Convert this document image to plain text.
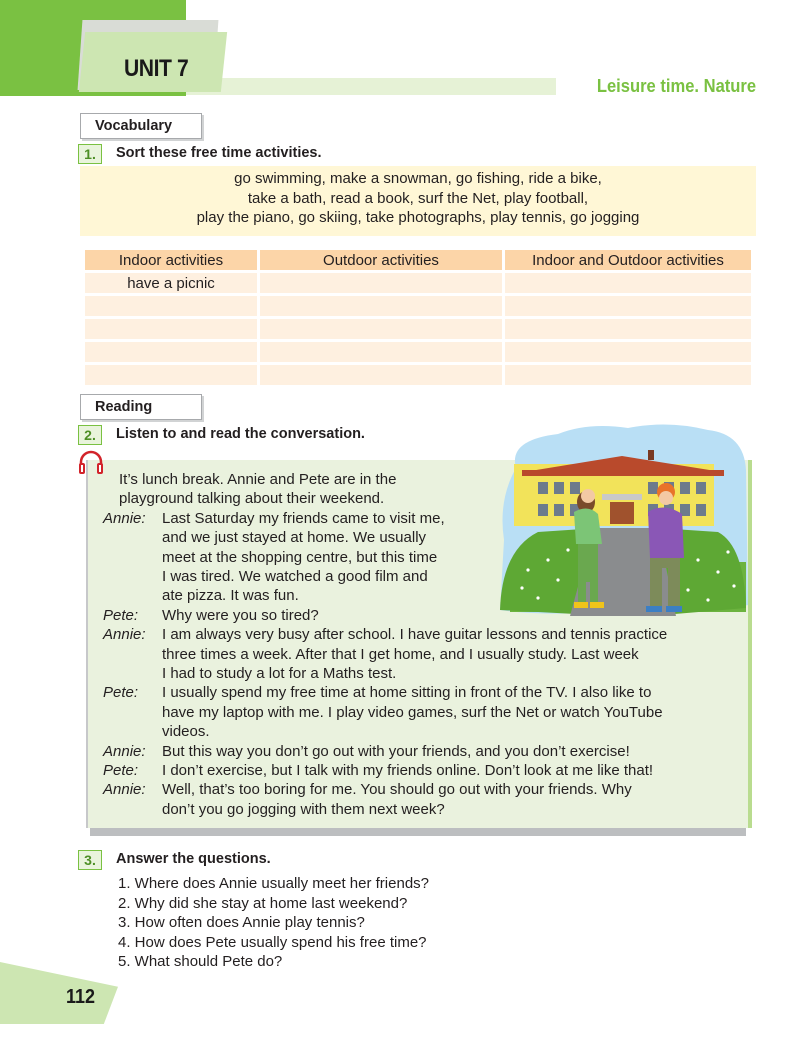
UNIT 7
Leisure time. Nature
Vocabulary
1.	Sort these free time activities.
go swimming, make a snowman, go fishing, ride a bike,
take a bath, read a book, surf the Net, play football,
play the piano, go skiing, take photographs, play tennis, go jogging
Indoor activities	Outdoor activities	Indoor and Outdoor activities
have a picnic		

Reading
2.	Listen to and read the conversation.
It’s lunch break. Annie and Pete are in the
playground talking about their weekend.
Annie: Last Saturday my friends came to visit me,
and we just stayed at home. We usually
meet at the shopping centre, but this time
I was tired. We watched a good film and
ate pizza. It was fun.
Pete: Why were you so tired?
Annie: I am always very busy after school. I have guitar lessons and tennis practice
three times a week. After that I get home, and I usually study. Last week
I had to study a lot for a Maths test.
Pete: I usually spend my free time at home sitting in front of the TV. I also like to
have my laptop with me. I play video games, surf the Net or watch YouTube
videos.
Annie: But this way you don’t go out with your friends, and you don’t exercise!
Pete: I don’t exercise, but I talk with my friends online. Don’t look at me like that!
Annie: Well, that’s too boring for me. You should go out with your friends. Why
don’t you go jogging with them next week?
3.	Answer the questions.
1. Where does Annie usually meet her friends?
2. Why did she stay at home last weekend?
3. How often does Annie play tennis?
4. How does Pete usually spend his free time?
5. What should Pete do?
112
